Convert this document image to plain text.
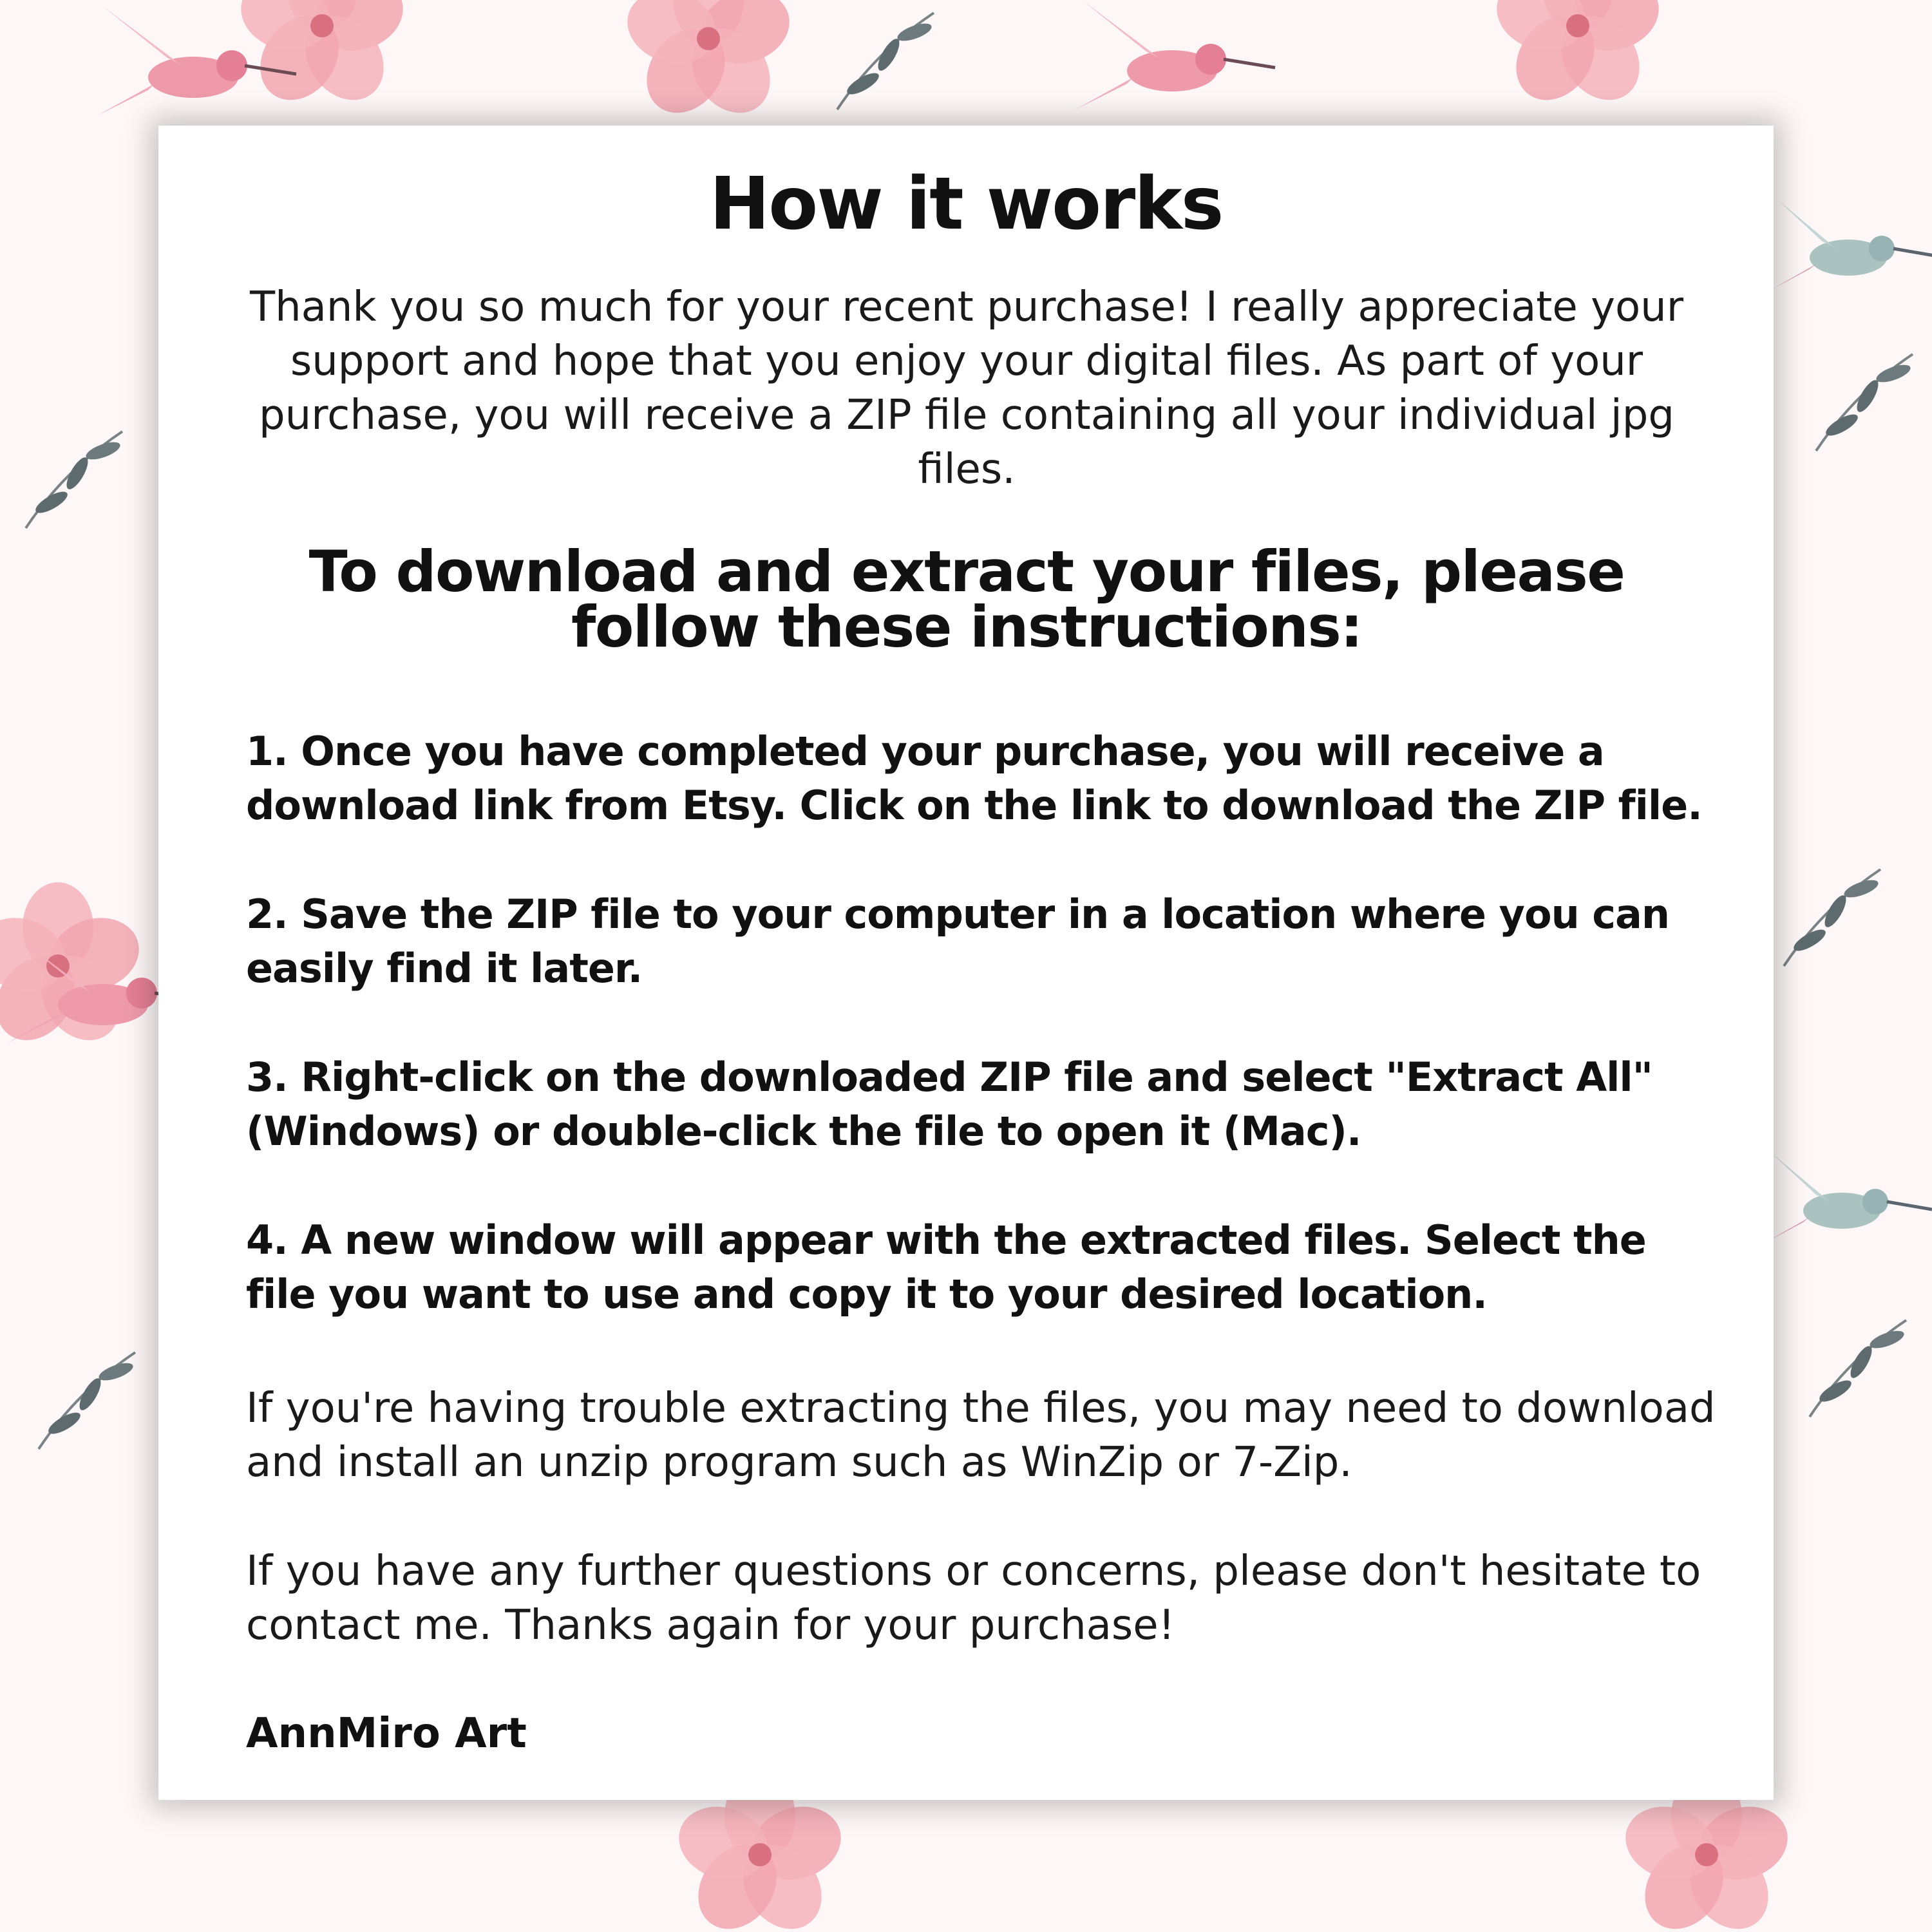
How it works
Thank you so much for your recent purchase! I really appreciate your support and hope that you enjoy your digital files. As part of your purchase, you will receive a ZIP file containing all your individual jpg files.
To download and extract your files, please follow these instructions:

1. Once you have completed your purchase, you will receive a download link from Etsy. Click on the link to download the ZIP file.

2. Save the ZIP file to your computer in a location where you can easily find it later.

3. Right-click on the downloaded ZIP file and select "Extract All" (Windows) or double-click the file to open it (Mac).

4. A new window will appear with the extracted files. Select the file you want to use and copy it to your desired location.

If you're having trouble extracting the files, you may need to download and install an unzip program such as WinZip or 7-Zip.
If you have any further questions or concerns, please don't hesitate to contact me. Thanks again for your purchase!
AnnMiro Art
